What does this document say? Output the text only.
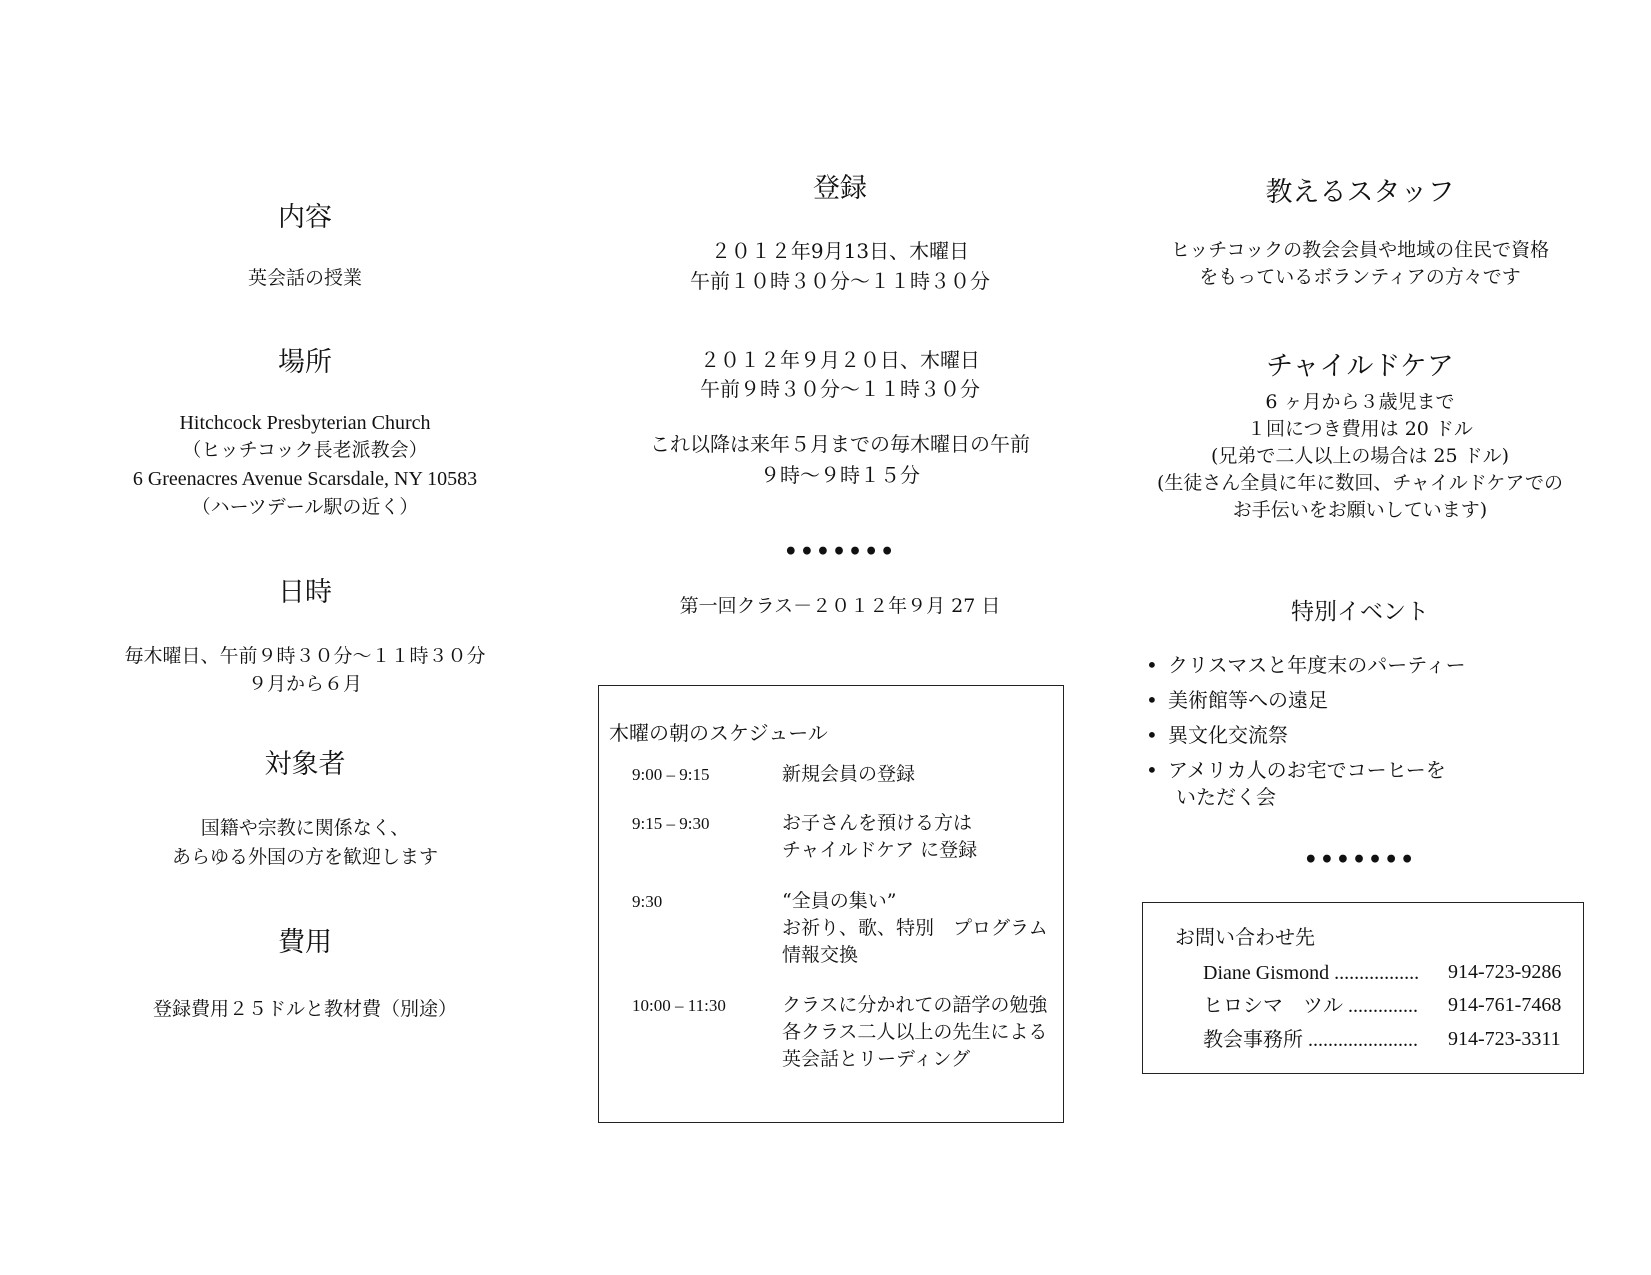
内容
英会話の授業
場所
Hitchcock Presbyterian Church
（ヒッチコック長老派教会）
6 Greenacres Avenue Scarsdale, NY 10583
（ハーツデール駅の近く）
日時
毎木曜日、午前９時３０分〜１１時３０分
９月から６月
対象者
国籍や宗教に関係なく、
あらゆる外国の方を歓迎します
費用
登録費用２５ドルと教材費（別途）
登録
２０１２年9月13日、木曜日
午前１０時３０分〜１１時３０分
２０１２年９月２０日、木曜日
午前９時３０分〜１１時３０分
これ以降は来年５月までの毎木曜日の午前
９時〜９時１５分
•••••••
第一回クラス－２０１２年９月 27 日
木曜の朝のスケジュール
9:00 – 9:15	新規会員の登録
9:15 – 9:30	お子さんを預ける方は
チャイルドケア に登録
9:30	“全員の集い”
お祈り、歌、特別　プログラム
情報交換
10:00 – 11:30	クラスに分かれての語学の勉強
各クラス二人以上の先生による
英会話とリーディング
教えるスタッフ
ヒッチコックの教会会員や地域の住民で資格
をもっているボランティアの方々です
チャイルドケア
6 ヶ月から３歳児まで
１回につき費用は 20 ドル
(兄弟で二人以上の場合は 25 ドル)
(生徒さん全員に年に数回、チャイルドケアでの
お手伝いをお願いしています)
特別イベント
• クリスマスと年度末のパーティー
• 美術館等への遠足
• 異文化交流祭
• アメリカ人のお宅でコーヒーを
いただく会
•••••••
お問い合わせ先
Diane Gismond ................. 914-723-9286
ヒロシマ　ツル .............. 914-761-7468
教会事務所 ...................... 914-723-3311
